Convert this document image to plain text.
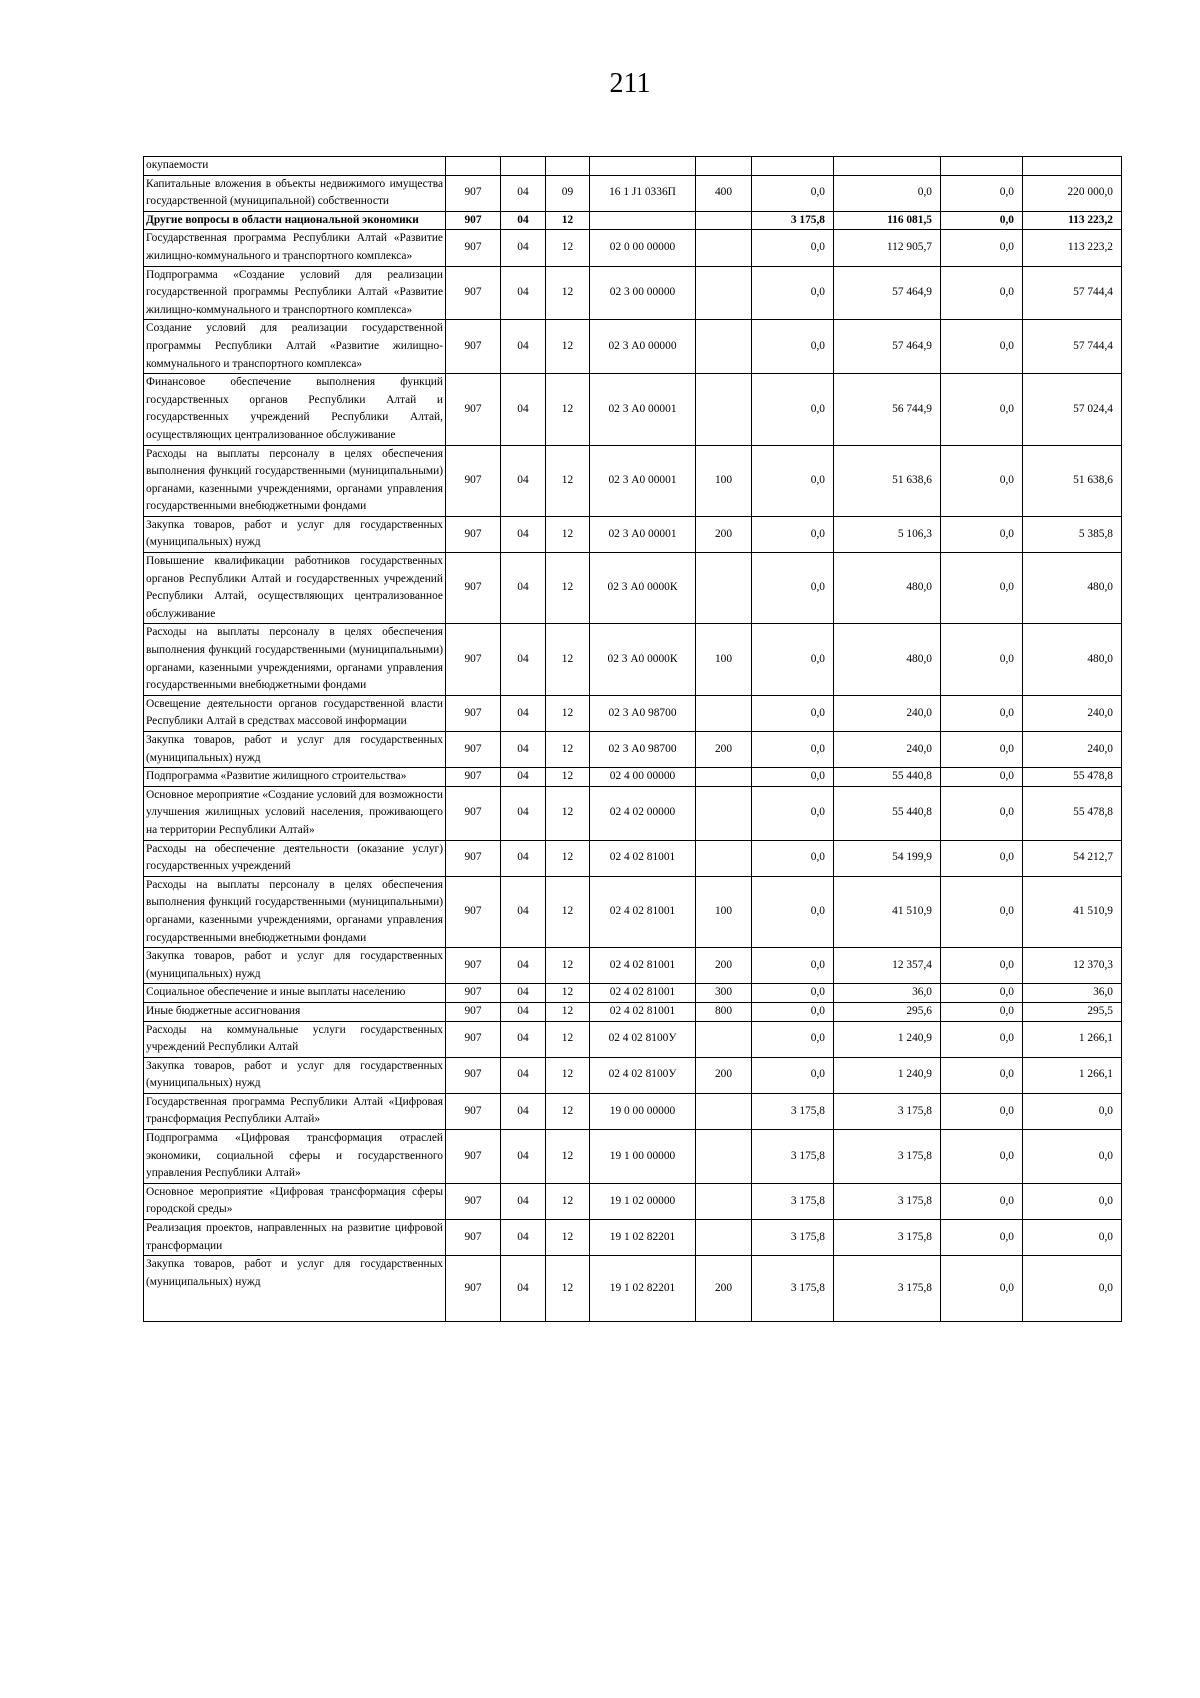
211
окупаемости									
Капитальные вложения в объекты недвижимого имущества государственной (муниципальной) собственности	907	04	09	16 1 J1 0336П	400	0,0	0,0	0,0	220 000,0
Другие вопросы в области национальной экономики	907	04	12			3 175,8	116 081,5	0,0	113 223,2
Государственная программа Республики Алтай «Развитие жилищно-коммунального и транспортного комплекса»	907	04	12	02 0 00 00000		0,0	112 905,7	0,0	113 223,2
Подпрограмма «Создание условий для реализации государственной программы Республики Алтай «Развитие жилищно-коммунального и транспортного комплекса»	907	04	12	02 3 00 00000		0,0	57 464,9	0,0	57 744,4
Создание условий для реализации государственной программы Республики Алтай «Развитие жилищно-коммунального и транспортного комплекса»	907	04	12	02 3 А0 00000		0,0	57 464,9	0,0	57 744,4
Финансовое обеспечение выполнения функций государственных органов Республики Алтай и государственных учреждений Республики Алтай, осуществляющих централизованное обслуживание	907	04	12	02 3 А0 00001		0,0	56 744,9	0,0	57 024,4
Расходы на выплаты персоналу в целях обеспечения выполнения функций государственными (муниципальными) органами, казенными учреждениями, органами управления государственными внебюджетными фондами	907	04	12	02 3 А0 00001	100	0,0	51 638,6	0,0	51 638,6
Закупка товаров, работ и услуг для государственных (муниципальных) нужд	907	04	12	02 3 А0 00001	200	0,0	5 106,3	0,0	5 385,8
Повышение квалификации работников государственных органов Республики Алтай и государственных учреждений Республики Алтай, осуществляющих централизованное обслуживание	907	04	12	02 3 А0 0000К		0,0	480,0	0,0	480,0
Расходы на выплаты персоналу в целях обеспечения выполнения функций государственными (муниципальными) органами, казенными учреждениями, органами управления государственными внебюджетными фондами	907	04	12	02 3 А0 0000К	100	0,0	480,0	0,0	480,0
Освещение деятельности органов государственной власти Республики Алтай в средствах массовой информации	907	04	12	02 3 А0 98700		0,0	240,0	0,0	240,0
Закупка товаров, работ и услуг для государственных (муниципальных) нужд	907	04	12	02 3 А0 98700	200	0,0	240,0	0,0	240,0
Подпрограмма «Развитие жилищного строительства»	907	04	12	02 4 00 00000		0,0	55 440,8	0,0	55 478,8
Основное мероприятие «Создание условий для возможности улучшения жилищных условий населения, проживающего на территории Республики Алтай»	907	04	12	02 4 02 00000		0,0	55 440,8	0,0	55 478,8
Расходы на обеспечение деятельности (оказание услуг) государственных учреждений	907	04	12	02 4 02 81001		0,0	54 199,9	0,0	54 212,7
Расходы на выплаты персоналу в целях обеспечения выполнения функций государственными (муниципальными) органами, казенными учреждениями, органами управления государственными внебюджетными фондами	907	04	12	02 4 02 81001	100	0,0	41 510,9	0,0	41 510,9
Закупка товаров, работ и услуг для государственных (муниципальных) нужд	907	04	12	02 4 02 81001	200	0,0	12 357,4	0,0	12 370,3
Социальное обеспечение и иные выплаты населению	907	04	12	02 4 02 81001	300	0,0	36,0	0,0	36,0
Иные бюджетные ассигнования	907	04	12	02 4 02 81001	800	0,0	295,6	0,0	295,5
Расходы на коммунальные услуги государственных учреждений Республики Алтай	907	04	12	02 4 02 8100У		0,0	1 240,9	0,0	1 266,1
Закупка товаров, работ и услуг для государственных (муниципальных) нужд	907	04	12	02 4 02 8100У	200	0,0	1 240,9	0,0	1 266,1
Государственная программа Республики Алтай «Цифровая трансформация Республики Алтай»	907	04	12	19 0 00 00000		3 175,8	3 175,8	0,0	0,0
Подпрограмма «Цифровая трансформация отраслей экономики, социальной сферы и государственного управления Республики Алтай»	907	04	12	19 1 00 00000		3 175,8	3 175,8	0,0	0,0
Основное мероприятие «Цифровая трансформация сферы городской среды»	907	04	12	19 1 02 00000		3 175,8	3 175,8	0,0	0,0
Реализация проектов, направленных на развитие цифровой трансформации	907	04	12	19 1 02 82201		3 175,8	3 175,8	0,0	0,0
Закупка товаров, работ и услуг для государственных (муниципальных) нужд	907	04	12	19 1 02 82201	200	3 175,8	3 175,8	0,0	0,0
